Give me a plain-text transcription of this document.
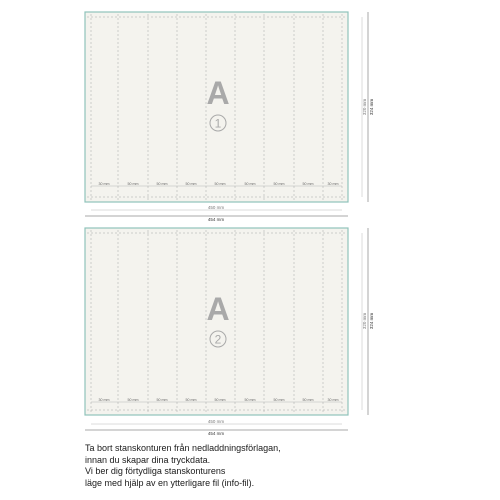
30 mm	50 mm	50 mm	50 mm	50 mm	50 mm	50 mm	50 mm	30 mm
A
1
450 mm
454 mm
320 mm 324 mm
30 mm	50 mm	50 mm	50 mm	50 mm	50 mm	50 mm	50 mm	30 mm
A
2
450 mm
454 mm
320 mm 324 mm
Ta bort stanskonturen från nedladdningsförlagan,
innan du skapar dina tryckdata.
Vi ber dig förtydliga stanskonturens
läge med hjälp av en ytterligare fil (info-fil).
